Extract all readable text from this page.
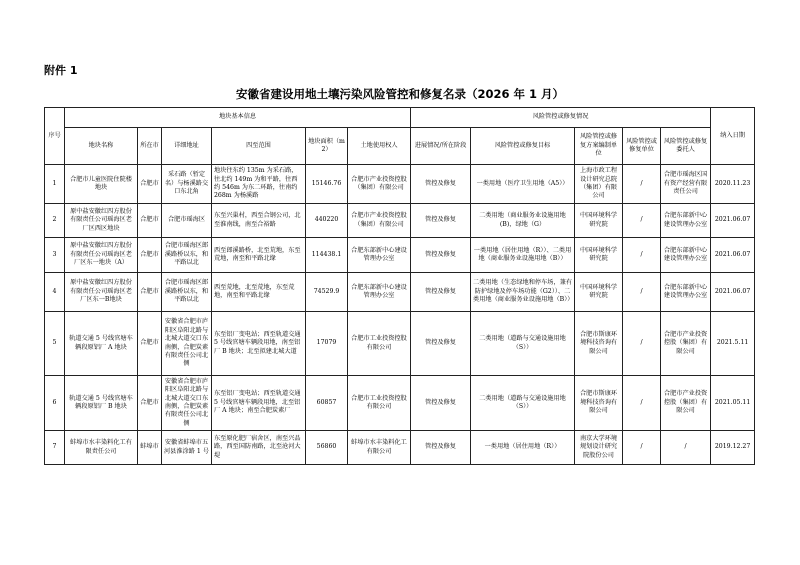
附件 1
安徽省建设用地土壤污染风险管控和修复名录（2026 年 1 月）
序号	地块基本信息						风险管控或修复情况					纳入日期
	地块名称	所在市	详细地址	四至范围	地块面积（m2）	土地使用权人	进展情况/所在阶段	风险管控或修复目标	风险管控或修复方案编制单位	风险管控或修复单位	风险管控或修复委托人	
1	合肥市儿童医院住院楼地块	合肥市	采石路（暂定名）与杨溪路交口东北角	地块往东约 135m 为采石路，往北约 149m 为和平路，往西约 546m 为东二环路，往南约 268m 为杨溪路	15146.76	合肥市产业投资控股（集团）有限公司	管控及修复	一类用地（医疗卫生用地（A5））	上海市政工程设计研究总院（集团）有限公司	/	合肥市瑶海区国有资产经营有限责任公司	2020.11.23
2	原中盐安徽红四方股份有限责任公司瑶海区老厂区西区地块	合肥市	合肥市瑶海区	东至兴巢村，西至合钢公司，北至淮南线，南至合裕路	440220	合肥市产业投资控股（集团）有限公司	管控及修复	二类用地（商业服务业设施用地(B)，绿地（G）	中国环境科学研究院	/	合肥东部新中心建设管理办公室	2021.06.07
3	原中盐安徽红四方股份有限责任公司瑶海区老厂区东一地块（A）	合肥市	合肥市瑶海区郎溪路桥以东，和平路以北	西至郎溪路桥，北至荒地，东至荒地，南至和平路北缘	114438.1	合肥东部新中心建设管理办公室	管控及修复	一类用地（居住用地（R））、二类用地（商业服务业设施用地（B））	中国环境科学研究院	/	合肥东部新中心建设管理办公室	2021.06.07
4	原中盐安徽红四方股份有限责任公司瑶海区老厂区东一B地块	合肥市	合肥市瑶海区郎溪路桥以东，和平路以北	西至荒地，北至荒地，东至荒地，南至和平路北缘	74529.9	合肥东部新中心建设管理办公室	管控及修复	二类用地（生态绿地和停车场，兼有防护绿地及停车场功能（G2））、二类用地（商业服务业设施用地（B））	中国环境科学研究院	/	合肥东部新中心建设管理办公室	2021.06.07
5	轨道交通 5 号线官塘车辆段原铝厂 A 地块	合肥市	安徽省合肥市庐阳区阜阳北路与北城大道交口东南侧，合肥炭素有限责任公司北侧	东至铝厂变电站；西至轨道交通 5 号线官塘车辆段用地，南至铝厂 B 地块；北至拟建北城大道	17079	合肥市工业投资控股有限公司	管控及修复	二类用地（道路与交通设施用地（S））	合肥市斯康环境科技咨询有限公司	/	合肥市产业投资控股（集团）有限公司	2021.5.11
6	轨道交通 5 号线官塘车辆段原铝厂 B 地块	合肥市	安徽省合肥市庐阳区阜阳北路与北城大道交口东南侧，合肥炭素有限责任公司北侧	东至铝厂变电站；西至轨道交通 5 号线官塘车辆段用地，北至铝厂 A 地块；南至合肥炭素厂	60857	合肥市工业投资控股有限公司	管控及修复	二类用地（道路与交通设施用地（S））	合肥市斯康环境科技咨询有限公司	/	合肥市产业投资控股（集团）有限公司	2021.05.11
7	蚌埠市水丰染料化工有限责任公司	蚌埠市	安徽省蚌埠市五河县淮涂路 1 号	东至原化肥厂宿舍区，南至兴品路，西至国防南路，北至沧河大堤	56860	蚌埠市水丰染料化工有限公司	管控及修复	一类用地（居住用地（R））	南京大学环境规划设计研究院股份公司	/	/	2019.12.27
